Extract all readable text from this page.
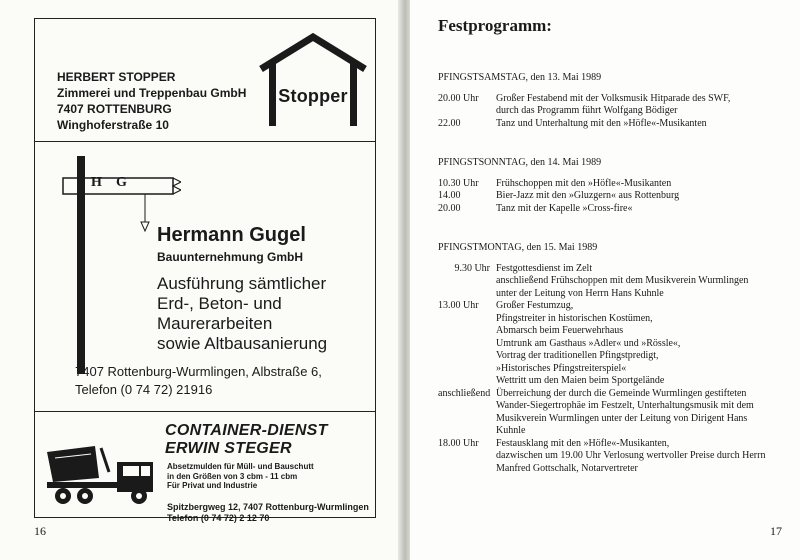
HERBERT STOPPER
Zimmerei und Treppenbau GmbH
7407 ROTTENBURG
Winghoferstraße 10
Stopper
H G
Hermann Gugel
Bauunternehmung GmbH
Ausführung sämtlicher
Erd-, Beton- und
Maurerarbeiten
sowie Altbausanierung
7407 Rottenburg-Wurmlingen, Albstraße 6,
Telefon (0 74 72) 21916
CONTAINER-DIENST
ERWIN STEGER
Absetzmulden für Müll- und Bauschutt
in den Größen von 3 cbm - 11 cbm
Für Privat und Industrie
Spitzbergweg 12, 7407 Rottenburg-Wurmlingen
Telefon (0 74 72) 2 12 70
16
Festprogramm:
PFINGSTSAMSTAG, den 13. Mai 1989
20.00 Uhr	Großer Festabend mit der Volksmusik Hitparade des SWF,
durch das Programm führt Wolfgang Bödiger
22.00	Tanz und Unterhaltung mit den »Höfle«-Musikanten
PFINGSTSONNTAG, den 14. Mai 1989
10.30 Uhr	Frühschoppen mit den »Höfle«-Musikanten
14.00	Bier-Jazz mit den »Gluzgern« aus Rottenburg
20.00	Tanz mit der Kapelle »Cross-fire«
PFINGSTMONTAG, den 15. Mai 1989
9.30 Uhr Festgottesdienst im Zelt
anschließend Frühschoppen mit dem Musikverein Wurmlingen
unter der Leitung von Herrn Hans Kuhnle
13.00 Uhr	Großer Festumzug,
Pfingstreiter in historischen Kostümen,
Abmarsch beim Feuerwehrhaus
Umtrunk am Gasthaus »Adler« und »Rössle«,
Vortrag der traditionellen Pfingstpredigt,
»Historisches Pfingstreiterspiel«
Wettritt um den Maien beim Sportgelände
anschließend Überreichung der durch die Gemeinde Wurmlingen gestifteten
Wander-Siegertrophäe im Festzelt, Unterhaltungsmusik mit dem
Musikverein Wurmlingen unter der Leitung von Dirigent Hans
Kuhnle
18.00 Uhr	Festausklang mit den »Höfle«-Musikanten,
dazwischen um 19.00 Uhr Verlosung wertvoller Preise durch Herrn
Manfred Gottschalk, Notarvertreter
17
